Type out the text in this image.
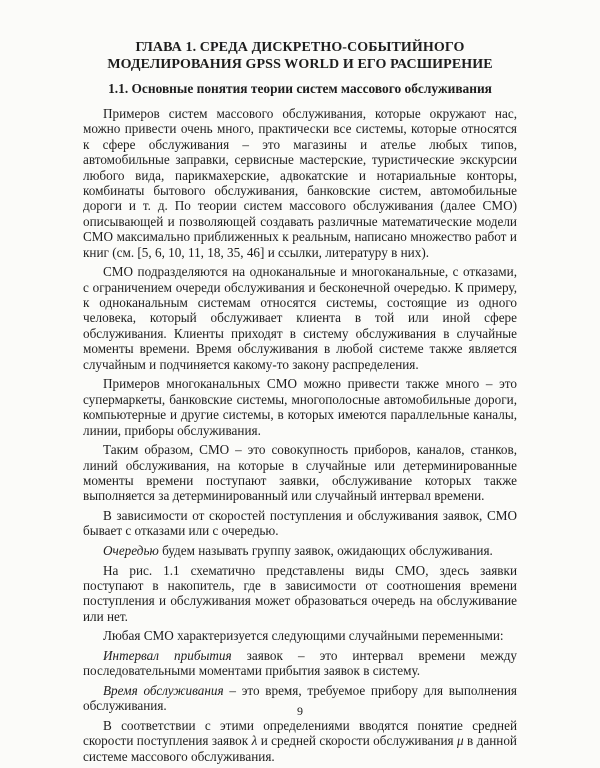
ГЛАВА 1. СРЕДА ДИСКРЕТНО-СОБЫТИЙНОГО
МОДЕЛИРОВАНИЯ GPSS WORLD И ЕГО РАСШИРЕНИЕ
1.1. Основные понятия теории систем массового обслуживания

Примеров систем массового обслуживания, которые окружают нас, можно привести очень много, практически все системы, которые относятся к сфере обслуживания – это магазины и ателье любых типов, автомобильные заправки, сервисные мастерские, туристические экскурсии любого вида, парикмахерские, адвокатские и нотариальные конторы, комбинаты бытового обслуживания, банковские систем, автомобильные дороги и т. д. По теории систем массового обслуживания (далее СМО) описывающей и позволяющей создавать различные математические модели СМО максимально приближенных к реальным, написано множество работ и книг (см. [5, 6, 10, 11, 18, 35, 46] и ссылки, литературу в них).

СМО подразделяются на одноканальные и многоканальные, с отказами, с ограничением очереди обслуживания и бесконечной очередью. К примеру, к одноканальным системам относятся системы, состоящие из одного человека, который обслуживает клиента в той или иной сфере обслуживания. Клиенты приходят в систему обслуживания в случайные моменты времени. Время обслуживания в любой системе также является случайным и подчиняется какому-то закону распределения.

Примеров многоканальных СМО можно привести также много – это супермаркеты, банковские системы, многополосные автомобильные дороги, компьютерные и другие системы, в которых имеются параллельные каналы, линии, приборы обслуживания.

Таким образом, СМО – это совокупность приборов, каналов, станков, линий обслуживания, на которые в случайные или детерминированные моменты времени поступают заявки, обслуживание которых также выполняется за детерминированный или случайный интервал времени.

В зависимости от скоростей поступления и обслуживания заявок, СМО бывает с отказами или с очередью.

Очередью будем называть группу заявок, ожидающих обслуживания.

На рис. 1.1 схематично представлены виды СМО, здесь заявки поступают в накопитель, где в зависимости от соотношения времени поступления и обслуживания может образоваться очередь на обслуживание или нет.

Любая СМО характеризуется следующими случайными переменными:

Интервал прибытия заявок – это интервал времени между последовательными моментами прибытия заявок в систему.

Время обслуживания – это время, требуемое прибору для выполнения обслуживания.

В соответствии с этими определениями вводятся понятие средней скорости поступления заявок λ и средней скорости обслуживания μ в данной системе массового обслуживания.

9
